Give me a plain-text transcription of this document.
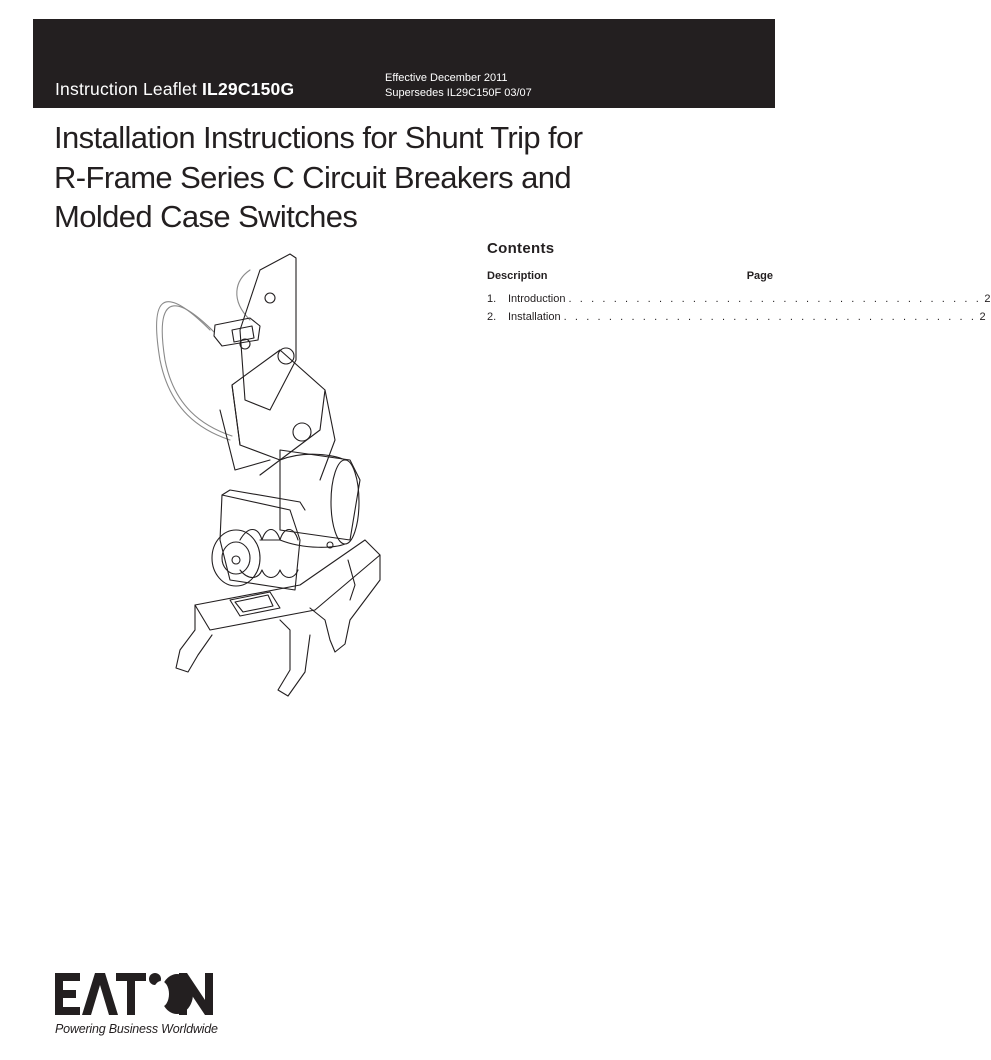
Instruction Leaflet IL29C150G
Effective December 2011
Supersedes IL29C150F 03/07
Installation Instructions for Shunt Trip for
R-Frame Series C Circuit Breakers and
Molded Case Switches
Contents
Description	Page
1.	Introduction . . . . . . . . . . . . . . . . . . . . . . . . . . . . . . . . . . . . . 2
2.	Installation . . . . . . . . . . . . . . . . . . . . . . . . . . . . . . . . . . . . . 2
Powering Business Worldwide
